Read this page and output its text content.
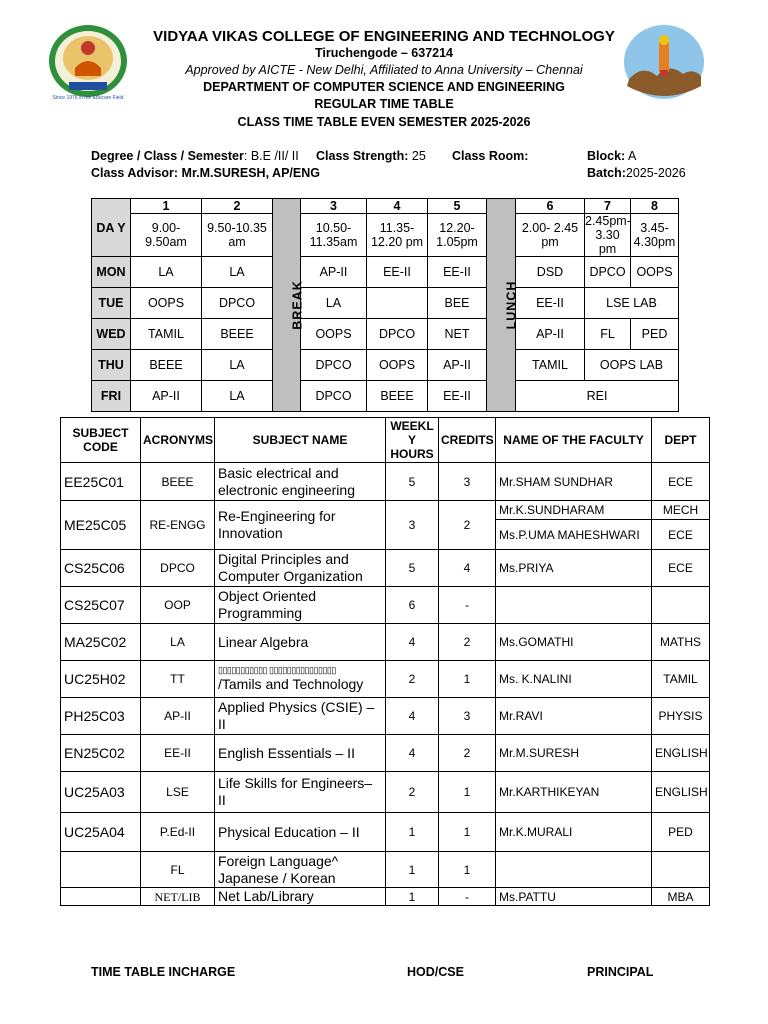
Since 1976 in the Educare Field
VIDYAA VIKAS COLLEGE OF ENGINEERING AND TECHNOLOGY
Tiruchengode – 637214
Approved by AICTE - New Delhi, Affiliated to Anna University – Chennai
DEPARTMENT OF COMPUTER SCIENCE AND ENGINEERING
REGULAR TIME TABLE
CLASS TIME TABLE EVEN SEMESTER 2025-2026
Degree / Class / Semester: B.E /II/ II Class Strength: 25 Class Room:	Block: A
Class Advisor: Mr.M.SURESH, AP/ENG	Batch:2025-2026
DA Y	1	2	BREAK	3	4	5	LUNCH	6	7	8
	9.00- 9.50am	9.50-10.35 am		10.50- 11.35am	11.35- 12.20 pm	12.20- 1.05pm		2.00- 2.45 pm	2.45pm- 3.30 pm	3.45- 4.30pm
MON	LA	LA		AP-II	EE-II	EE-II		DSD	DPCO	OOPS
TUE	OOPS	DPCO		LA		BEE		EE-II	LSE LAB	
WED	TAMIL	BEEE		OOPS	DPCO	NET		AP-II	FL	PED
THU	BEEE	LA		DPCO	OOPS	AP-II		TAMIL	OOPS LAB	
FRI	AP-II	LA		DPCO	BEEE	EE-II		REI		
SUBJECT CODE	ACRONYMS	SUBJECT NAME	WEEKL Y HOURS	CREDITS	NAME OF THE FACULTY	DEPT
EE25C01	BEEE	Basic electrical and electronic engineering	5	3	Mr.SHAM SUNDHAR	ECE
ME25C05	RE-ENGG	Re-Engineering for Innovation	3	2	Mr.K.SUNDHARAM	MECH
					Ms.P.UMA MAHESHWARI	ECE
CS25C06	DPCO	Digital Principles and Computer Organization	5	4	Ms.PRIYA	ECE
CS25C07	OOP	Object Oriented Programming	6	-		
MA25C02	LA	Linear Algebra	4	2	Ms.GOMATHI	MATHS
UC25H02	TT	▯▯▯▯▯▯▯▯▯▯▯ ▯▯▯▯▯▯▯▯▯▯▯▯▯▯▯
/Tamils and Technology	2	1	Ms. K.NALINI	TAMIL
PH25C03	AP-II	Applied Physics (CSIE) – II	4	3	Mr.RAVI	PHYSIS
EN25C02	EE-II	English Essentials – II	4	2	Mr.M.SURESH	ENGLISH
UC25A03	LSE	Life Skills for Engineers– II	2	1	Mr.KARTHIKEYAN	ENGLISH
UC25A04	P.Ed-II	Physical Education – II	1	1	Mr.K.MURALI	PED
	FL	Foreign Language^ Japanese / Korean	1	1		
	NET/LIB	Net Lab/Library	1	-	Ms.PATTU	MBA
TIME TABLE INCHARGE	HOD/CSE	PRINCIPAL
